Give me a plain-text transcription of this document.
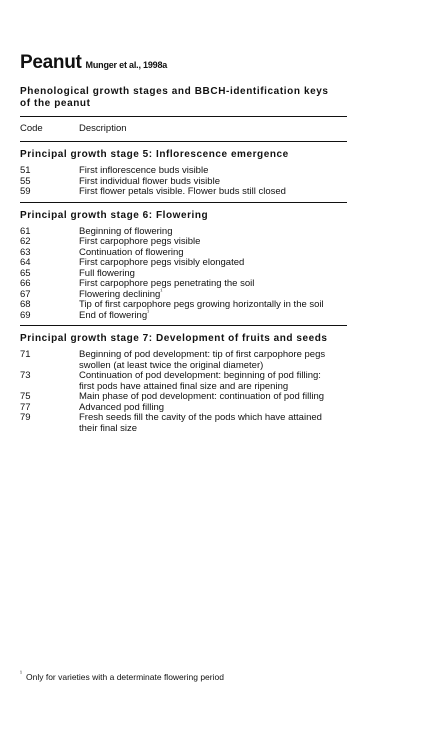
Peanut Munger et al., 1998a
Phenological growth stages and BBCH-identification keys
of the peanut
Code	Description
Principal growth stage 5: Inflorescence emergence
51	First inflorescence buds visible
55	First individual flower buds visible
59	First flower petals visible. Flower buds still closed
Principal growth stage 6: Flowering
61	Beginning of flowering
62	First carpophore pegs visible
63	Continuation of flowering
64	First carpophore pegs visibly elongated
65	Full flowering
66	First carpophore pegs penetrating the soil
67	Flowering declining$^{^1}$
68	Tip of first carpophore pegs growing horizontally in the soil
69	End of flowering$^{^1}$
Principal growth stage 7: Development of fruits and seeds
71	Beginning of pod development: tip of first carpophore pegs
swollen (at least twice the original diameter)
73	Continuation of pod development: beginning of pod filling:
first pods have attained final size and are ripening
75	Main phase of pod development: continuation of pod filling
77	Advanced pod filling
79	Fresh seeds fill the cavity of the pods which have attained
their final size
¹ Only for varieties with a determinate flowering period
